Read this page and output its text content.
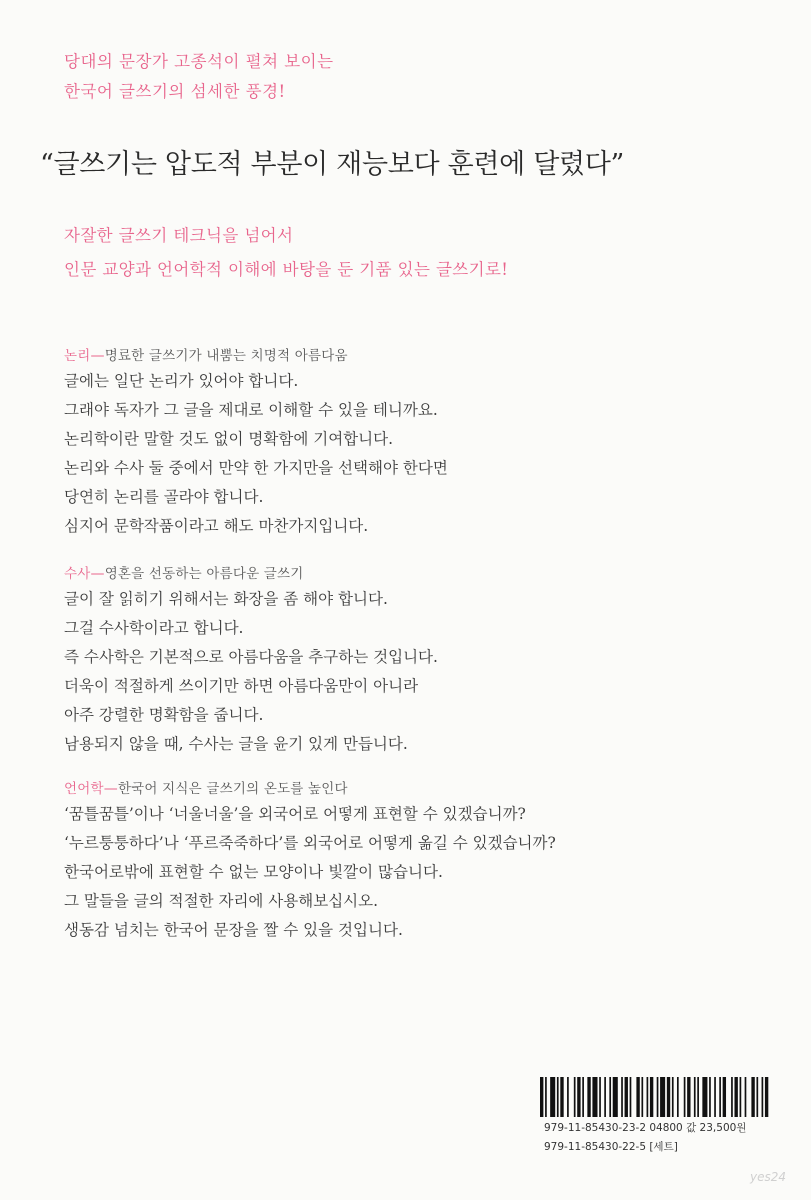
당대의 문장가 고종석이 펼쳐 보이는
한국어 글쓰기의 섬세한 풍경!
“글쓰기는 압도적 부분이 재능보다 훈련에 달렸다”
자잘한 글쓰기 테크닉을 넘어서
인문 교양과 언어학적 이해에 바탕을 둔 기품 있는 글쓰기로!
논리—명료한 글쓰기가 내뿜는 치명적 아름다움
글에는 일단 논리가 있어야 합니다.
그래야 독자가 그 글을 제대로 이해할 수 있을 테니까요.
논리학이란 말할 것도 없이 명확함에 기여합니다.
논리와 수사 둘 중에서 만약 한 가지만을 선택해야 한다면
당연히 논리를 골라야 합니다.
심지어 문학작품이라고 해도 마찬가지입니다.
수사—영혼을 선동하는 아름다운 글쓰기
글이 잘 읽히기 위해서는 화장을 좀 해야 합니다.
그걸 수사학이라고 합니다.
즉 수사학은 기본적으로 아름다움을 추구하는 것입니다.
더욱이 적절하게 쓰이기만 하면 아름다움만이 아니라
아주 강렬한 명확함을 줍니다.
남용되지 않을 때, 수사는 글을 윤기 있게 만듭니다.
언어학—한국어 지식은 글쓰기의 온도를 높인다
‘꿈틀꿈틀’이나 ‘너울너울’을 외국어로 어떻게 표현할 수 있겠습니까?
‘누르퉁퉁하다’나 ‘푸르죽죽하다’를 외국어로 어떻게 옮길 수 있겠습니까?
한국어로밖에 표현할 수 없는 모양이나 빛깔이 많습니다.
그 말들을 글의 적절한 자리에 사용해보십시오.
생동감 넘치는 한국어 문장을 짤 수 있을 것입니다.
979-11-85430-23-2 04800 값 23,500원
979-11-85430-22-5 [세트]
yes24
